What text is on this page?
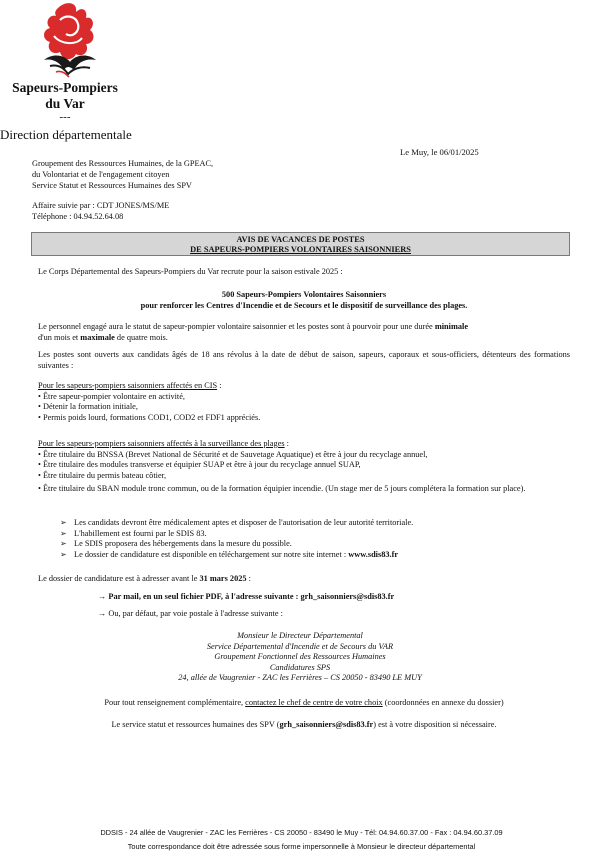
Sapeurs-Pompiers
du Var
---
Direction départementale
Le Muy, le 06/01/2025
Groupement des Ressources Humaines, de la GPEAC,
du Volontariat et de l'engagement citoyen
Service Statut et Ressources Humaines des SPV
Affaire suivie par : CDT JONES/MS/ME
Téléphone : 04.94.52.64.08
AVIS DE VACANCES DE POSTES
DE SAPEURS-POMPIERS VOLONTAIRES SAISONNIERS
Le Corps Départemental des Sapeurs-Pompiers du Var recrute pour la saison estivale 2025 :
500 Sapeurs-Pompiers Volontaires Saisonniers
pour renforcer les Centres d'Incendie et de Secours et le dispositif de surveillance des plages.
Le personnel engagé aura le statut de sapeur-pompier volontaire saisonnier et les postes sont à pourvoir pour une durée minimale
d'un mois et maximale de quatre mois.
Les postes sont ouverts aux candidats âgés de 18 ans révolus à la date de début de saison, sapeurs, caporaux et sous-officiers, détenteurs des formations suivantes :
Pour les sapeurs-pompiers saisonniers affectés en CIS :
• Être sapeur-pompier volontaire en activité,
• Détenir la formation initiale,
• Permis poids lourd, formations COD1, COD2 et FDF1 appréciés.
Pour les sapeurs-pompiers saisonniers affectés à la surveillance des plages :
• Être titulaire du BNSSA (Brevet National de Sécurité et de Sauvetage Aquatique) et être à jour du recyclage annuel,
• Être titulaire des modules transverse et équipier SUAP et être à jour du recyclage annuel SUAP,
• Être titulaire du permis bateau côtier,
• Être titulaire du SBAN module tronc commun, ou de la formation équipier incendie. (Un stage mer de 5 jours complétera la formation sur place).
➢ Les candidats devront être médicalement aptes et disposer de l'autorisation de leur autorité territoriale.
➢ L'habillement est fourni par le SDIS 83.
➢ Le SDIS proposera des hébergements dans la mesure du possible.
➢ Le dossier de candidature est disponible en téléchargement sur notre site internet : www.sdis83.fr
Le dossier de candidature est à adresser avant le 31 mars 2025 :
→ Par mail, en un seul fichier PDF, à l'adresse suivante : grh_saisonniers@sdis83.fr
→ Ou, par défaut, par voie postale à l'adresse suivante :
Monsieur le Directeur Départemental
Service Départemental d'Incendie et de Secours du VAR
Groupement Fonctionnel des Ressources Humaines
Candidatures SPS
24, allée de Vaugrenier - ZAC les Ferrières – CS 20050 - 83490 LE MUY
Pour tout renseignement complémentaire, contactez le chef de centre de votre choix (coordonnées en annexe du dossier)
Le service statut et ressources humaines des SPV (grh_saisonniers@sdis83.fr) est à votre disposition si nécessaire.
DDSIS - 24 allée de Vaugrenier - ZAC les Ferrières - CS 20050 - 83490 le Muy - Tél: 04.94.60.37.00 - Fax : 04.94.60.37.09
Toute correspondance doit être adressée sous forme impersonnelle à Monsieur le directeur départemental
